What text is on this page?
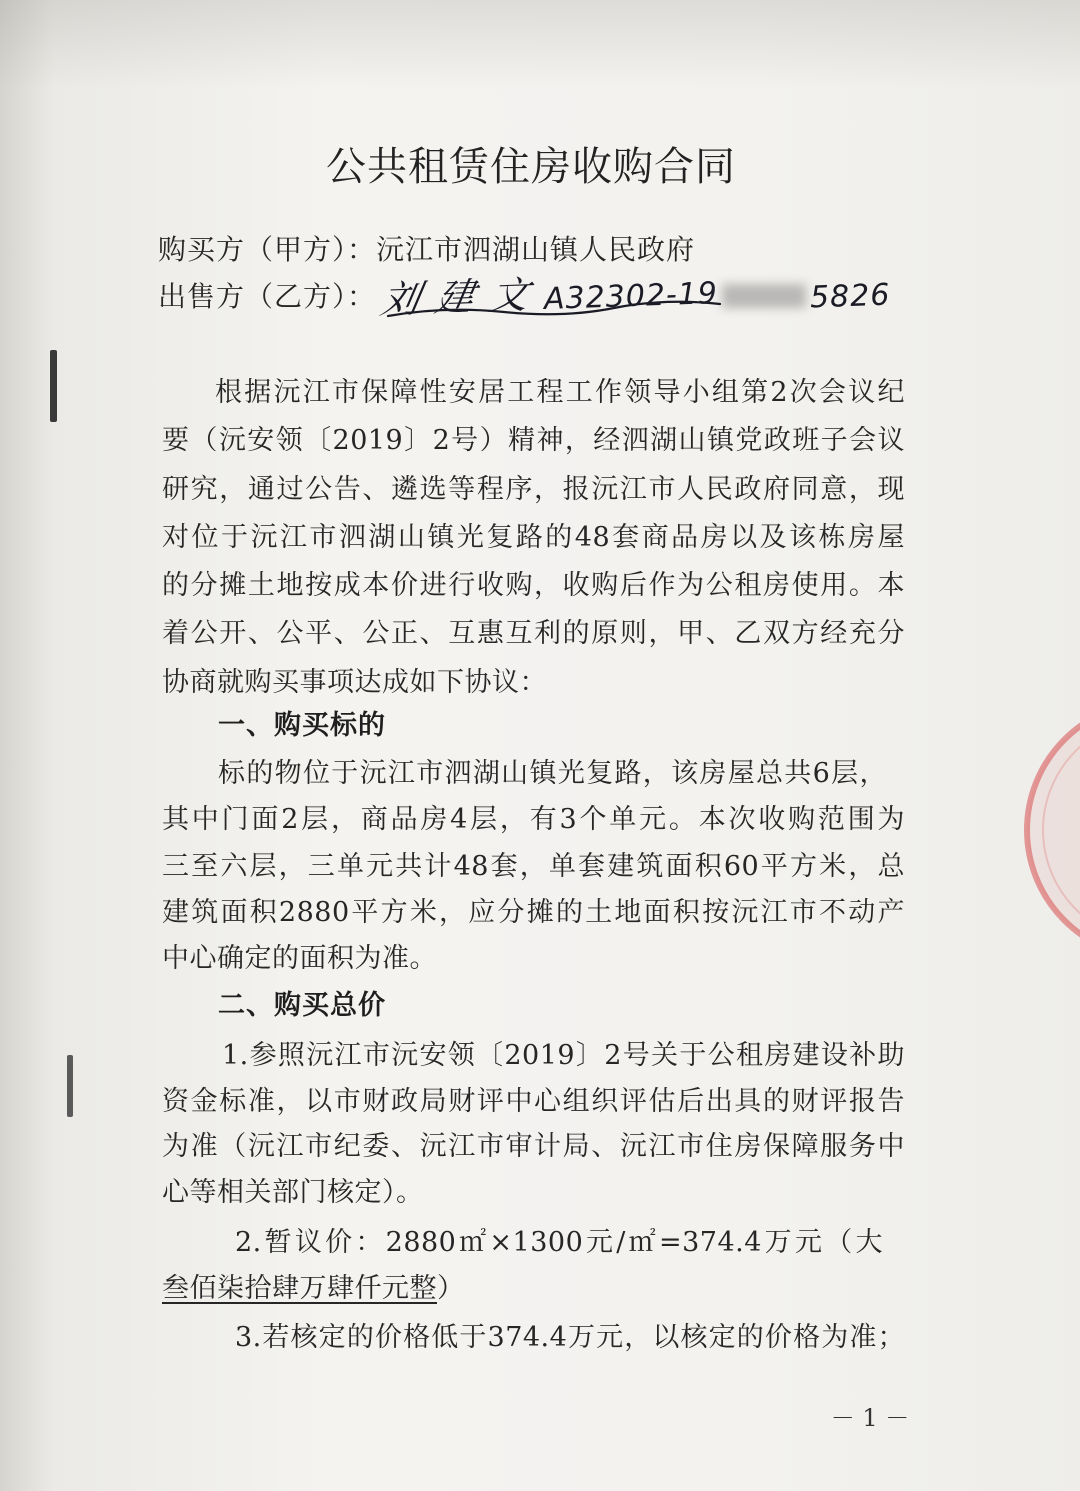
公共租赁住房收购合同
购买方（甲方）：沅江市泗湖山镇人民政府
出售方（乙方）：刘建文A32302-19	5826
根据沅江市保障性安居工程工作领导小组第2次会议纪
要（沅安领〔2019〕2号）精神，经泗湖山镇党政班子会议
研究，通过公告、遴选等程序，报沅江市人民政府同意，现
对位于沅江市泗湖山镇光复路的48套商品房以及该栋房屋
的分摊土地按成本价进行收购，收购后作为公租房使用。本
着公开、公平、公正、互惠互利的原则，甲、乙双方经充分
协商就购买事项达成如下协议：
一、购买标的
标的物位于沅江市泗湖山镇光复路，该房屋总共6层，
其中门面2层，商品房4层，有3个单元。本次收购范围为
三至六层，三单元共计48套，单套建筑面积60平方米，总
建筑面积2880平方米，应分摊的土地面积按沅江市不动产
中心确定的面积为准。
二、购买总价
1.参照沅江市沅安领〔2019〕2号关于公租房建设补助
资金标准，以市财政局财评中心组织评估后出具的财评报告
为准（沅江市纪委、沅江市审计局、沅江市住房保障服务中
心等相关部门核定）。
2.暂议价：2880㎡×1300元/㎡=374.4万元（大
叁佰柒拾肆万肆仟元整）
3.若核定的价格低于374.4万元，以核定的价格为准；
－ 1 －
